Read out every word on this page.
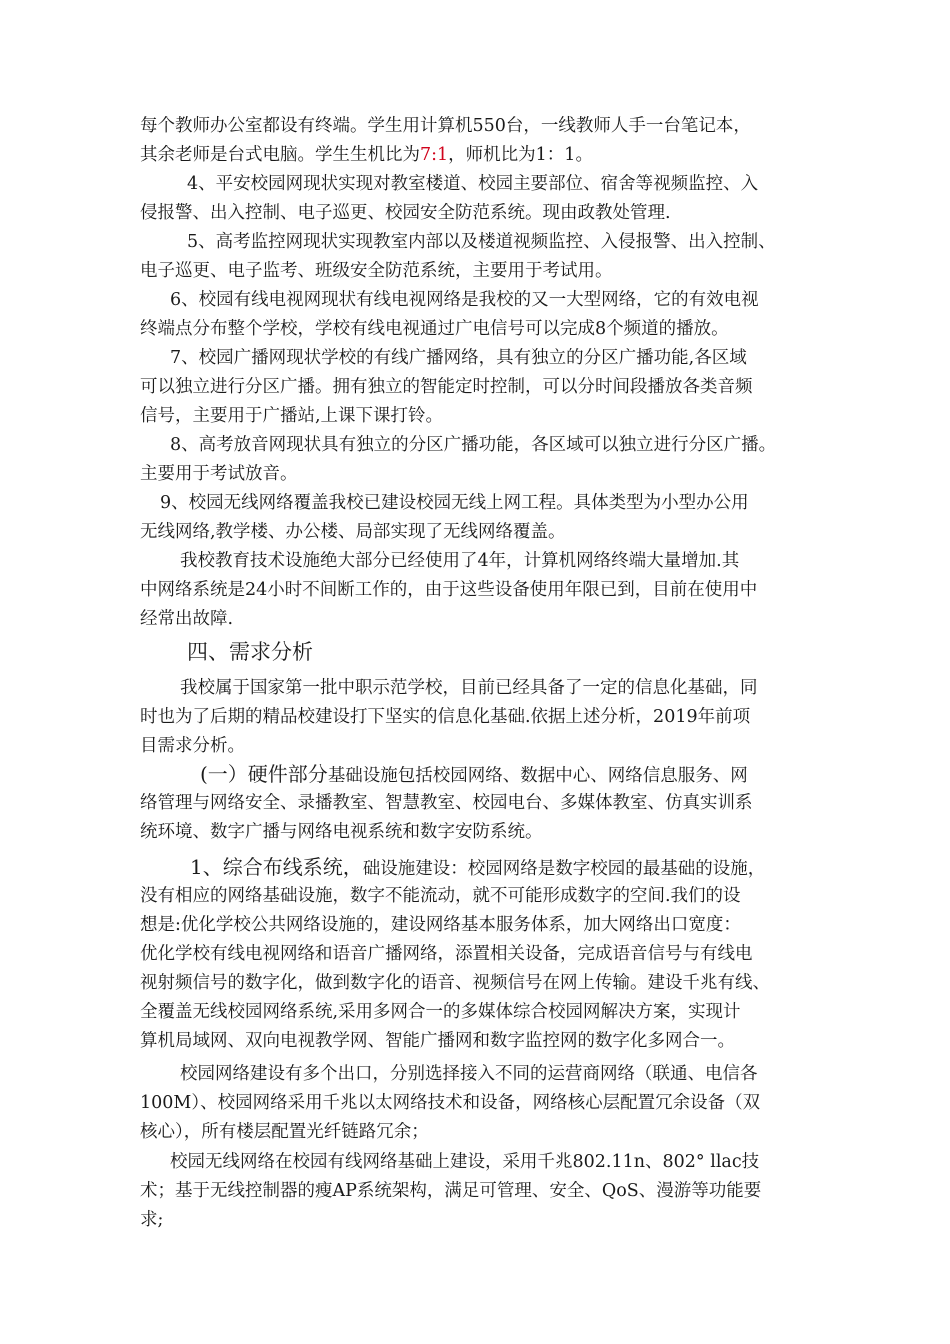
每个教师办公室都设有终端。学生用计算机550台，一线教师人手一台笔记本，
其余老师是台式电脑。学生生机比为7:1，师机比为1：1。
4、平安校园网现状实现对教室楼道、校园主要部位、宿舍等视频监控、入
侵报警、出入控制、电子巡更、校园安全防范系统。现由政教处管理.
5、高考监控网现状实现教室内部以及楼道视频监控、入侵报警、出入控制、
电子巡更、电子监考、班级安全防范系统，主要用于考试用。
6、校园有线电视网现状有线电视网络是我校的又一大型网络，它的有效电视
终端点分布整个学校，学校有线电视通过广电信号可以完成8个频道的播放。
7、校园广播网现状学校的有线广播网络，具有独立的分区广播功能,各区域
可以独立进行分区广播。拥有独立的智能定时控制，可以分时间段播放各类音频
信号，主要用于广播站,上课下课打铃。
8、高考放音网现状具有独立的分区广播功能，各区域可以独立进行分区广播。
主要用于考试放音。
9、校园无线网络覆盖我校已建设校园无线上网工程。具体类型为小型办公用
无线网络,教学楼、办公楼、局部实现了无线网络覆盖。
我校教育技术设施绝大部分已经使用了4年，计算机网络终端大量增加.其
中网络系统是24小时不间断工作的，由于这些设备使用年限已到，目前在使用中
经常出故障.
四、需求分析
我校属于国家第一批中职示范学校，目前已经具备了一定的信息化基础，同
时也为了后期的精品校建设打下坚实的信息化基础.依据上述分析，2019年前项
目需求分析。
(一）硬件部分基础设施包括校园网络、数据中心、网络信息服务、网
络管理与网络安全、录播教室、智慧教室、校园电台、多媒体教室、仿真实训系
统环境、数字广播与网络电视系统和数字安防系统。
1、综合布线系统，础设施建设：校园网络是数字校园的最基础的设施，
没有相应的网络基础设施，数字不能流动，就不可能形成数字的空间.我们的设
想是:优化学校公共网络设施的，建设网络基本服务体系，加大网络出口宽度：
优化学校有线电视网络和语音广播网络，添置相关设备，完成语音信号与有线电
视射频信号的数字化，做到数字化的语音、视频信号在网上传输。建设千兆有线、
全覆盖无线校园网络系统,采用多网合一的多媒体综合校园网解决方案，实现计
算机局域网、双向电视教学网、智能广播网和数字监控网的数字化多网合一。
校园网络建设有多个出口，分别选择接入不同的运营商网络（联通、电信各
100M）、校园网络采用千兆以太网络技术和设备，网络核心层配置冗余设备（双
核心），所有楼层配置光纤链路冗余；
校园无线网络在校园有线网络基础上建设，采用千兆802.11n、802° llac技
术；基于无线控制器的瘦AP系统架构，满足可管理、安全、QoS、漫游等功能要
求;
